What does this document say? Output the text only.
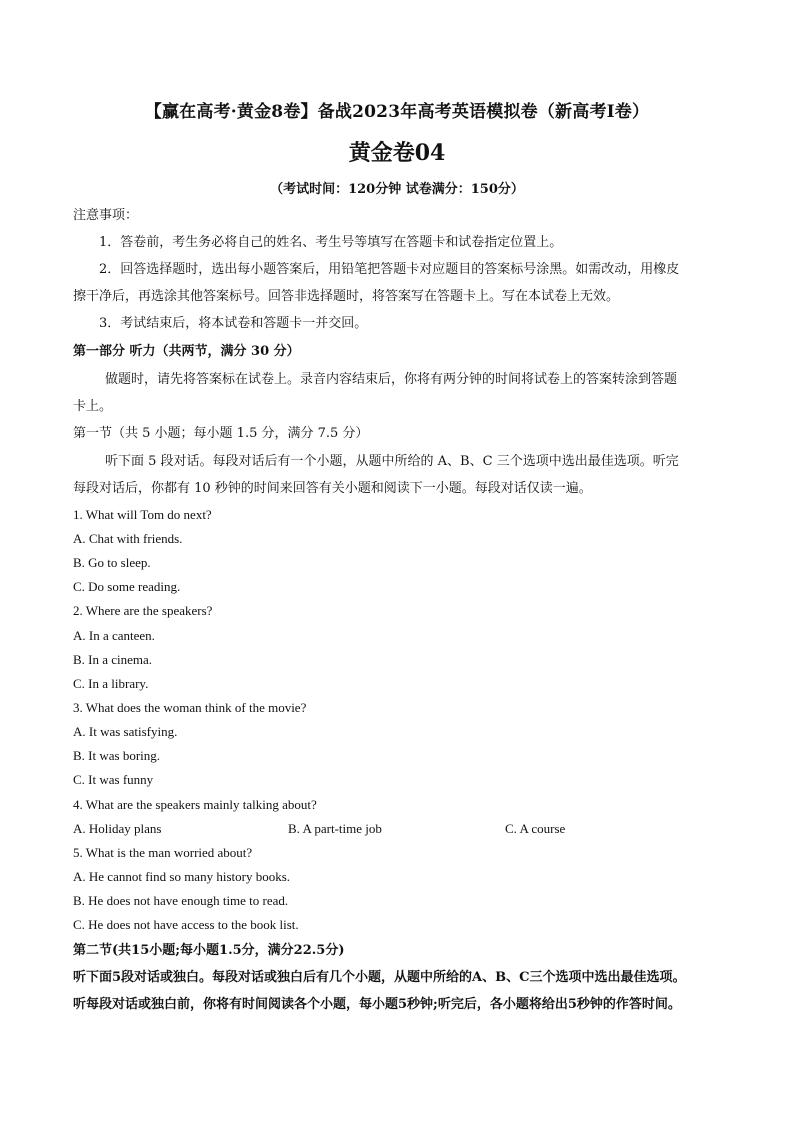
【赢在高考·黄金8卷】备战2023年高考英语模拟卷（新高考I卷）
黄金卷04
（考试时间：120分钟 试卷满分：150分）
注意事项：
1．答卷前，考生务必将自己的姓名、考生号等填写在答题卡和试卷指定位置上。
2．回答选择题时，选出每小题答案后，用铅笔把答题卡对应题目的答案标号涂黑。如需改动，用橡皮
擦干净后，再选涂其他答案标号。回答非选择题时，将答案写在答题卡上。写在本试卷上无效。
3．考试结束后，将本试卷和答题卡一并交回。
第一部分 听力（共两节，满分 30 分）
做题时，请先将答案标在试卷上。录音内容结束后，你将有两分钟的时间将试卷上的答案转涂到答题
卡上。
第一节（共 5 小题；每小题 1.5 分，满分 7.5 分）
听下面 5 段对话。每段对话后有一个小题，从题中所给的 A、B、C 三个选项中选出最佳选项。听完
每段对话后，你都有 10 秒钟的时间来回答有关小题和阅读下一小题。每段对话仅读一遍。
1. What will Tom do next?
A. Chat with friends.
B. Go to sleep.
C. Do some reading.
2. Where are the speakers?
A. In a canteen.
B. In a cinema.
C. In a library.
3. What does the woman think of the movie?
A. It was satisfying.
B. It was boring.
C. It was funny
4. What are the speakers mainly talking about?
A. Holiday plans	B. A part-time job	C. A course
5. What is the man worried about?
A. He cannot find so many history books.
B. He does not have enough time to read.
C. He does not have access to the book list.
第二节(共15小题;每小题1.5分，满分22.5分)
听下面5段对话或独白。每段对话或独白后有几个小题，从题中所给的A、B、C三个选项中选出最佳选项。
听每段对话或独白前，你将有时间阅读各个小题，每小题5秒钟;听完后，各小题将给出5秒钟的作答时间。
